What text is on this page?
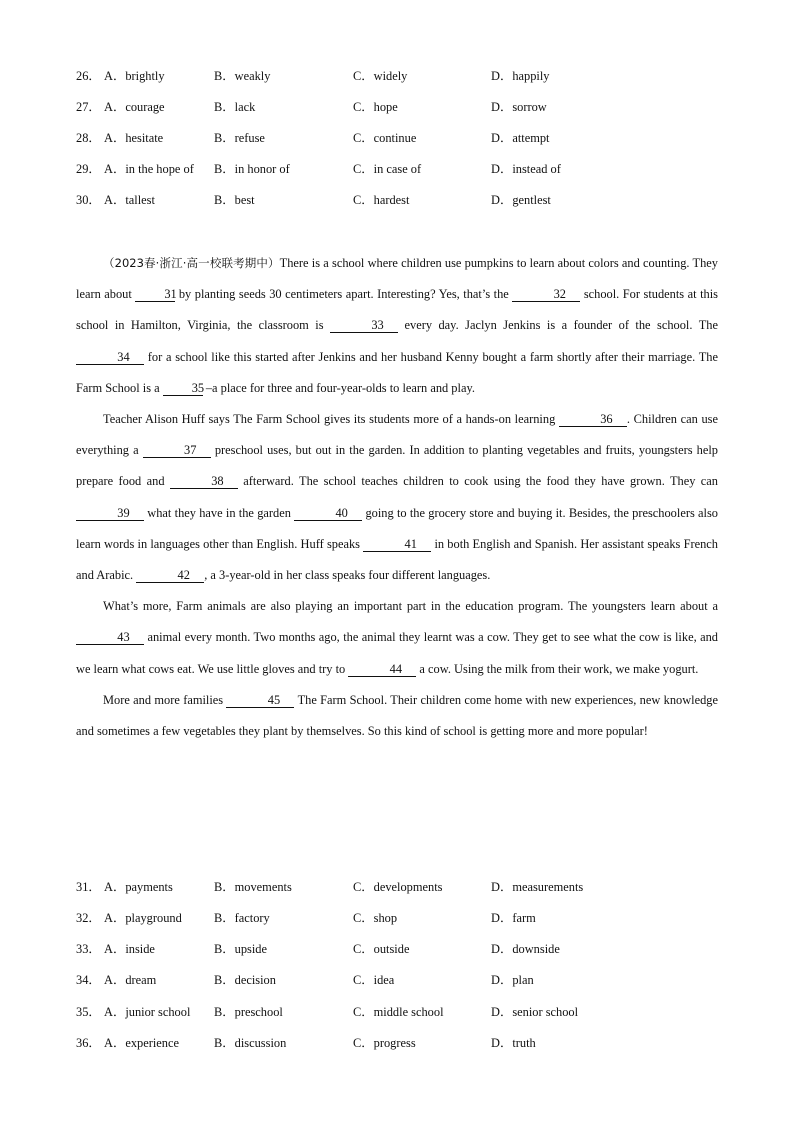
26． A．brightly	B．weakly	C．widely	D．happily
27． A．courage	B．lack	C．hope	D．sorrow
28． A．hesitate	B．refuse	C．continue	D．attempt
29． A．in the hope of B．in honor of	C．in case of	D．instead of
30． A．tallest	B．best	C．hardest	D．gentlest

（2023春·浙江·高一校联考期中）There is a school where children use pumpkins to learn about colors and counting. They learn about 31 by planting seeds 30 centimeters apart. Interesting? Yes, that’s the	32 school. For students at this school in Hamilton, Virginia, the classroom is	33 every day. Jaclyn Jenkins is a founder of the school. The 34 for a school like this started after Jenkins and her husband Kenny bought a farm shortly after their marriage. The Farm School is a 35 –a place for three and four-year-olds to learn and play.

Teacher Alison Huff says The Farm School gives its students more of a hands-on learning	36 . Children can use everything a	37 preschool uses, but out in the garden. In addition to planting vegetables and fruits, youngsters help prepare food and	38 afterward. The school teaches children to cook using the food they have grown. They can 39 what they have in the garden	40 going to the grocery store and buying it. Besides, the preschoolers also learn words in languages other than English. Huff speaks	41 in both English and Spanish. Her assistant speaks French and Arabic.	42 , a 3-year-old in her class speaks four different languages.

What’s more, Farm animals are also playing an important part in the education program. The youngsters learn about a 43 animal every month. Two months ago, the animal they learnt was a cow. They get to see what the cow is like, and we learn what cows eat. We use little gloves and try to	44 a cow. Using the milk from their work, we make yogurt.

More and more families	45 The Farm School. Their children come home with new experiences, new knowledge and sometimes a few vegetables they plant by themselves. So this kind of school is getting more and more popular!

31． A．payments	B．movements	C．developments	D．measurements
32． A．playground	B．factory	C．shop	D．farm
33． A．inside	B．upside	C．outside	D．downside
34． A．dream	B．decision	C．idea	D．plan
35． A．junior school B．preschool	C．middle school	D．senior school
36． A．experience	B．discussion	C．progress	D．truth
